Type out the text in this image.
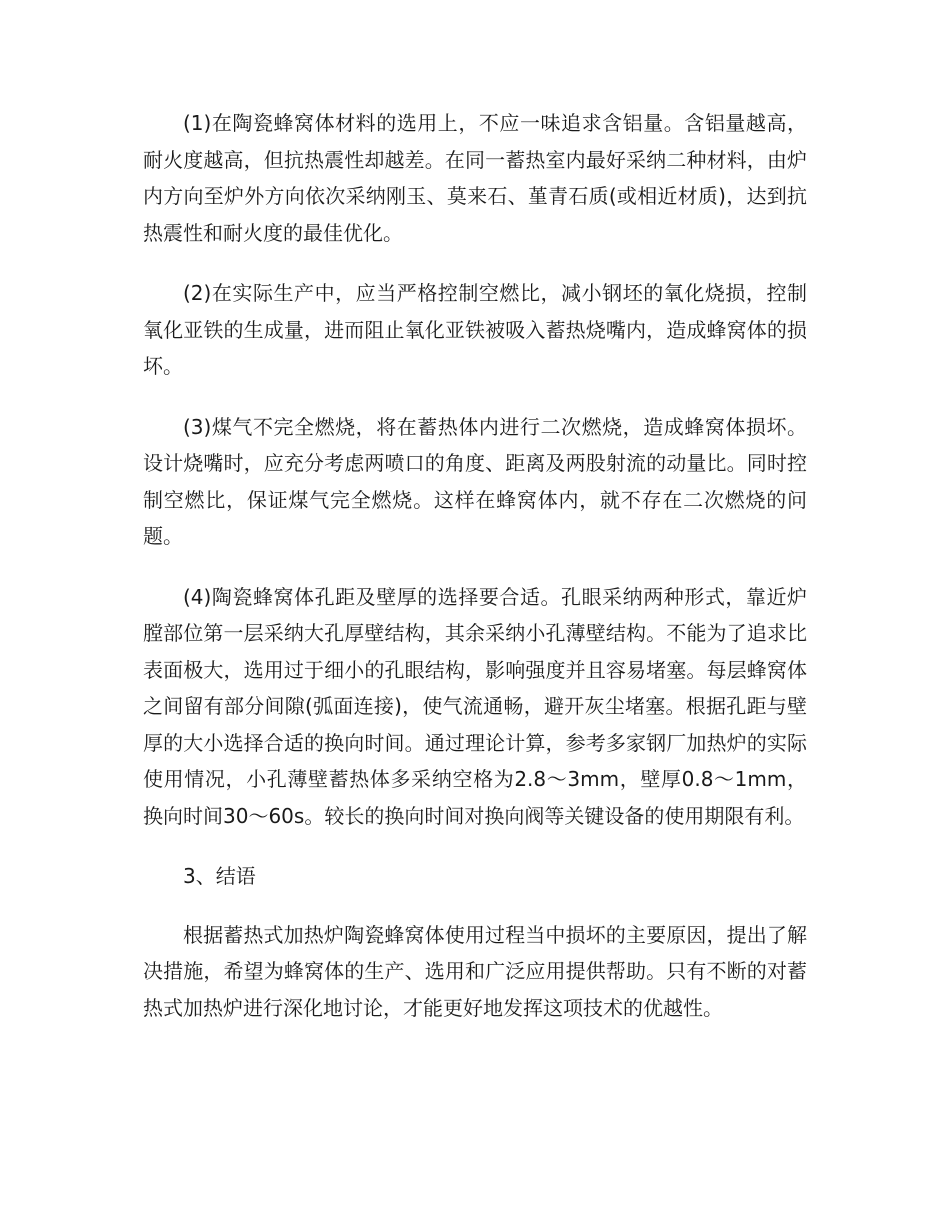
(1)在陶瓷蜂窝体材料的选用上，不应一味追求含铝量。含铝量越高，耐火度越高，但抗热震性却越差。在同一蓄热室内最好采纳二种材料，由炉内方向至炉外方向依次采纳刚玉、莫来石、堇青石质(或相近材质)，达到抗热震性和耐火度的最佳优化。

(2)在实际生产中，应当严格控制空燃比，减小钢坯的氧化烧损，控制氧化亚铁的生成量，进而阻止氧化亚铁被吸入蓄热烧嘴内，造成蜂窝体的损坏。

(3)煤气不完全燃烧，将在蓄热体内进行二次燃烧，造成蜂窝体损坏。设计烧嘴时，应充分考虑两喷口的角度、距离及两股射流的动量比。同时控制空燃比，保证煤气完全燃烧。这样在蜂窝体内，就不存在二次燃烧的问题。

(4)陶瓷蜂窝体孔距及壁厚的选择要合适。孔眼采纳两种形式，靠近炉膛部位第一层采纳大孔厚壁结构，其余采纳小孔薄壁结构。不能为了追求比表面极大，选用过于细小的孔眼结构，影响强度并且容易堵塞。每层蜂窝体之间留有部分间隙(弧面连接)，使气流通畅，避开灰尘堵塞。根据孔距与壁厚的大小选择合适的换向时间。通过理论计算，参考多家钢厂加热炉的实际使用情况，小孔薄壁蓄热体多采纳空格为2.8〜3mm，壁厚0.8〜1mm，换向时间30〜60s。较长的换向时间对换向阀等关键设备的使用期限有利。

3、结语

根据蓄热式加热炉陶瓷蜂窝体使用过程当中损坏的主要原因，提出了解决措施，希望为蜂窝体的生产、选用和广泛应用提供帮助。只有不断的对蓄热式加热炉进行深化地讨论，才能更好地发挥这项技术的优越性。
